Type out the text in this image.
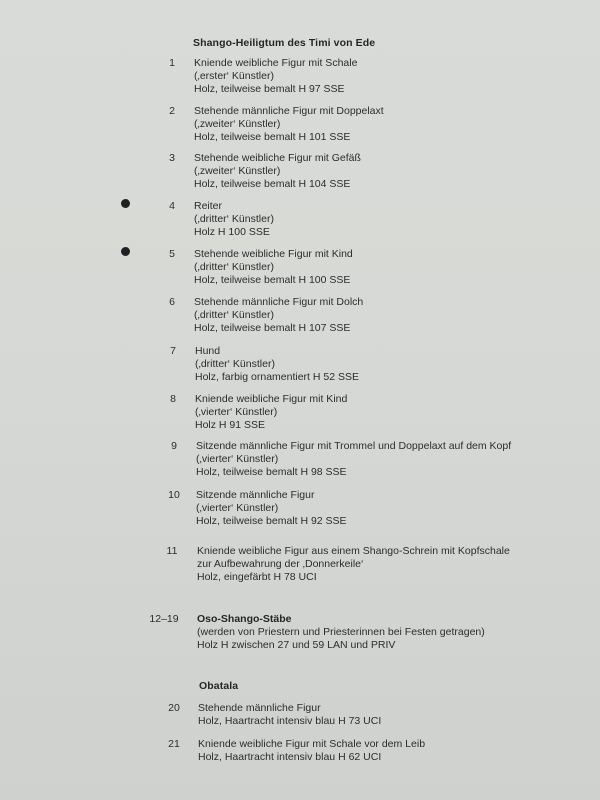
Shango-Heiligtum des Timi von Ede
Obatala
1	Kniende weibliche Figur mit Schale
(‚erster‘ Künstler)
Holz, teilweise bemalt H 97 SSE
2	Stehende männliche Figur mit Doppelaxt
(‚zweiter‘ Künstler)
Holz, teilweise bemalt H 101 SSE
3	Stehende weibliche Figur mit Gefäß
(‚zweiter‘ Künstler)
Holz, teilweise bemalt H 104 SSE
4	Reiter
(‚dritter‘ Künstler)
Holz H 100 SSE
5	Stehende weibliche Figur mit Kind
(‚dritter‘ Künstler)
Holz, teilweise bemalt H 100 SSE
6	Stehende männliche Figur mit Dolch
(‚dritter‘ Künstler)
Holz, teilweise bemalt H 107 SSE
7	Hund
(‚dritter‘ Künstler)
Holz, farbig ornamentiert H 52 SSE
8	Kniende weibliche Figur mit Kind
(‚vierter‘ Künstler)
Holz H 91 SSE
9	Sitzende männliche Figur mit Trommel und Doppelaxt auf dem Kopf
(‚vierter‘ Künstler)
Holz, teilweise bemalt H 98 SSE
10	Sitzende männliche Figur
(‚vierter‘ Künstler)
Holz, teilweise bemalt H 92 SSE
11	Kniende weibliche Figur aus einem Shango-Schrein mit Kopfschale
zur Aufbewahrung der ‚Donnerkeile‘
Holz, eingefärbt H 78 UCI
12–19	Oso-Shango-Stäbe
(werden von Priestern und Priesterinnen bei Festen getragen)
Holz H zwischen 27 und 59 LAN und PRIV
20	Stehende männliche Figur
Holz, Haartracht intensiv blau H 73 UCI
21	Kniende weibliche Figur mit Schale vor dem Leib
Holz, Haartracht intensiv blau H 62 UCI
